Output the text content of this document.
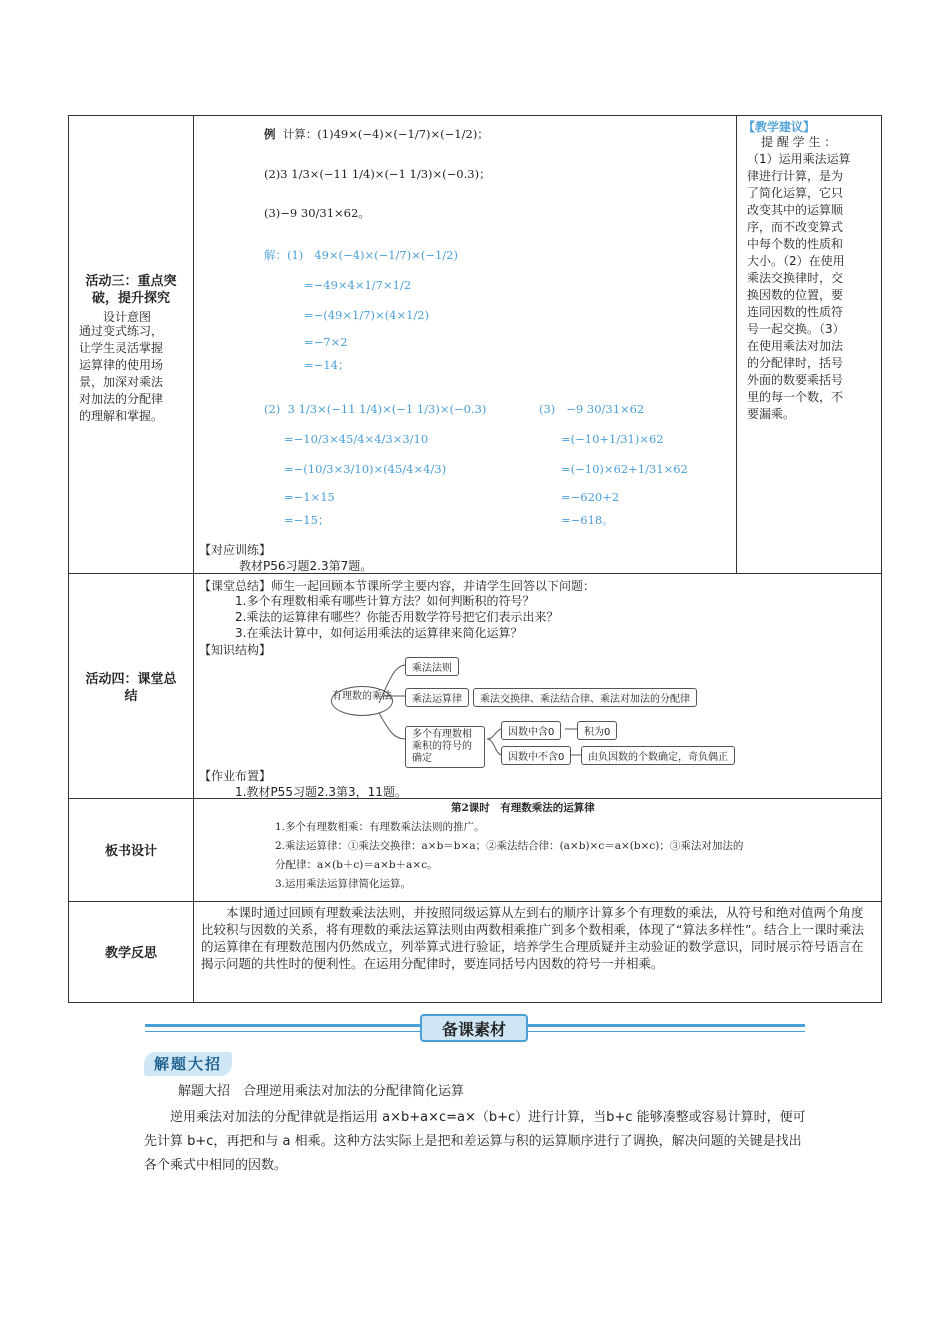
活动三：重点突
破，提升探究
设计意图
通过变式练习，
让学生灵活掌握
运算律的使用场
景，加深对乘法
对加法的分配律
的理解和掌握。
例 计算：(1)49×(−4)×(−1/7)×(−1/2)；
(2)3 1/3×(−11 1/4)×(−1 1/3)×(−0.3)；
(3)−9 30/31×62。
解：(1) 49×(−4)×(−1/7)×(−1/2)
=−49×4×1/7×1/2
=−(49×1/7)×(4×1/2)
=−7×2
=−14；
(2) 3 1/3×(−11 1/4)×(−1 1/3)×(−0.3)
=−10/3×45/4×4/3×3/10
=−(10/3×3/10)×(45/4×4/3)
=−1×15
=−15；
(3) −9 30/31×62
=(−10+1/31)×62
=(−10)×62+1/31×62
=−620+2
=−618。
【对应训练】
教材P56习题2.3第7题。
【教学建议】
提 醒 学 生 ：
（1）运用乘法运算
律进行计算，是为
了简化运算，它只
改变其中的运算顺
序，而不改变算式
中每个数的性质和
大小。（2）在使用
乘法交换律时，交
换因数的位置，要
连同因数的性质符
号一起交换。（3）
在使用乘法对加法
的分配律时，括号
外面的数要乘括号
里的每一个数，不
要漏乘。
活动四：课堂总
结
【课堂总结】师生一起回顾本节课所学主要内容，并请学生回答以下问题：
1.多个有理数相乘有哪些计算方法？如何判断积的符号？
2.乘法的运算律有哪些？你能否用数学符号把它们表示出来？
3.在乘法计算中，如何运用乘法的运算律来简化运算？
【知识结构】
有理数的乘法
乘法法则
乘法运算律	乘法交换律、乘法结合律、乘法对加法的分配律
多个有理数相乘积的符号的确定
因数中含0	积为0
因数中不含0	由负因数的个数确定，奇负偶正
【作业布置】
1.教材P55习题2.3第3，11题。
板书设计
第2课时　有理数乘法的运算律
1.多个有理数相乘：有理数乘法法则的推广。
2.乘法运算律：①乘法交换律：a×b＝b×a；②乘法结合律：(a×b)×c＝a×(b×c)；③乘法对加法的
分配律：a×(b＋c)＝a×b＋a×c。
3.运用乘法运算律简化运算。
教学反思
本课时通过回顾有理数乘法法则，并按照同级运算从左到右的顺序计算多个有理数的乘法，从符号和绝对值两个角度比较积与因数的关系，将有理数的乘法运算法则由两数相乘推广到多个数相乘，体现了“算法多样性”。结合上一课时乘法的运算律在有理数范围内仍然成立，列举算式进行验证，培养学生合理质疑并主动验证的数学意识，同时展示符号语言在揭示问题的共性时的便利性。在运用分配律时，要连同括号内因数的符号一并相乘。
备课素材
解题大招
解题大招　合理逆用乘法对加法的分配律简化运算
逆用乘法对加法的分配律就是指运用 a×b+a×c=a×（b+c）进行计算，当b+c 能够凑整或容易计算时，便可先计算 b+c，再把和与 a 相乘。这种方法实际上是把和差运算与积的运算顺序进行了调换，解决问题的关键是找出各个乘式中相同的因数。
